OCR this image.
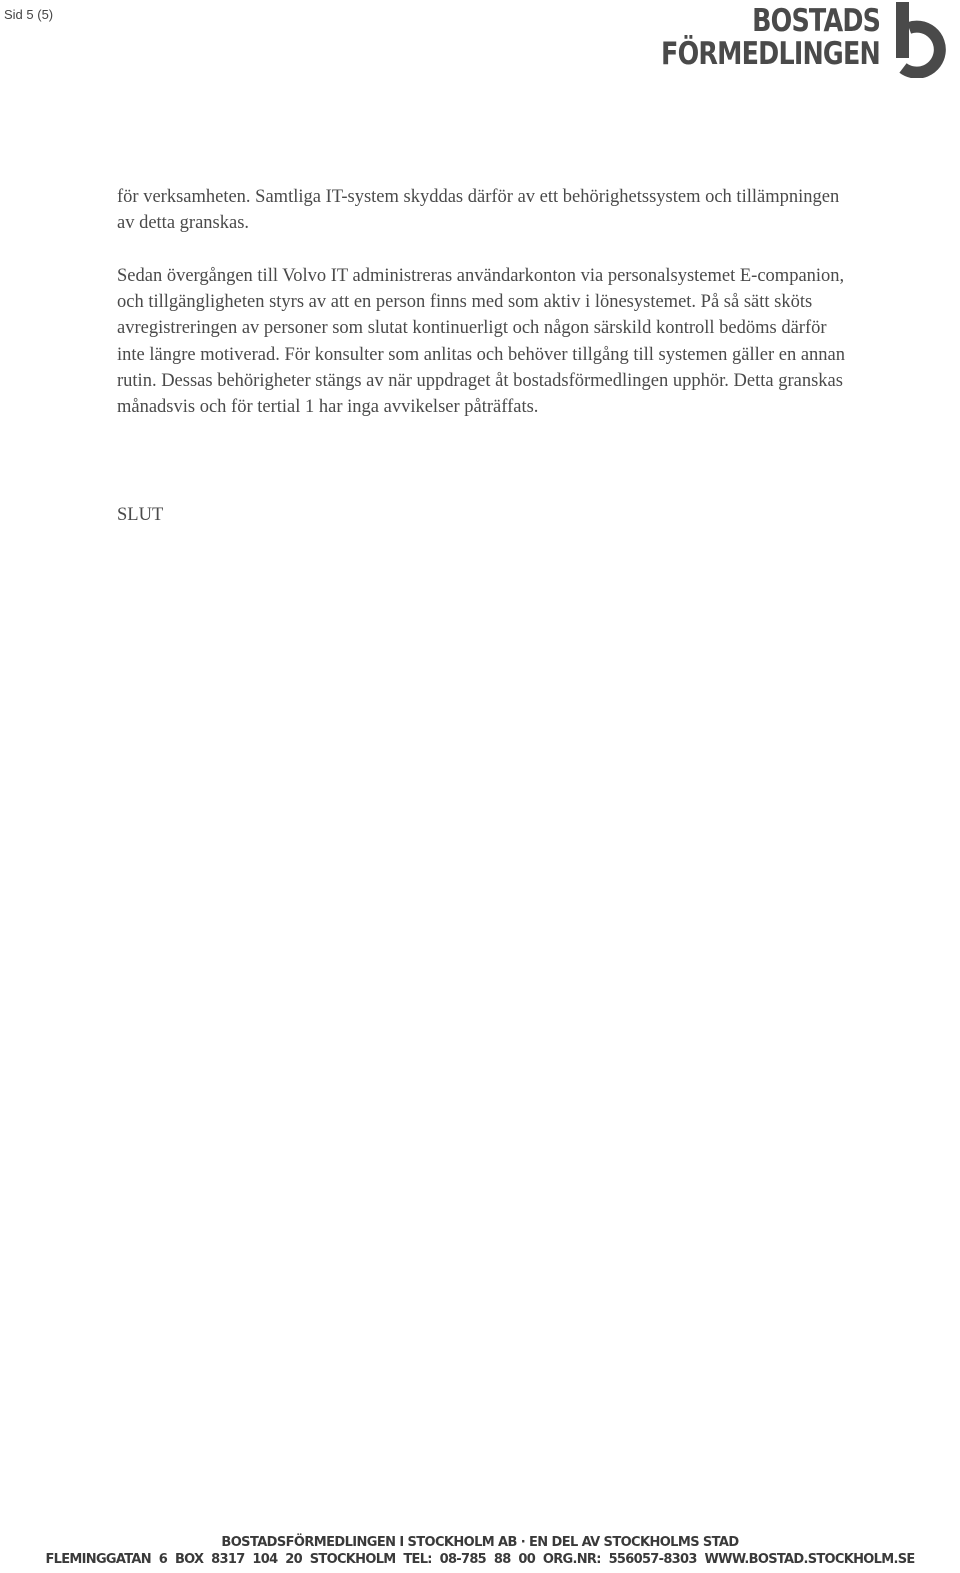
Sid 5 (5)	BOSTADS
FÖRMEDLINGEN

för verksamheten. Samtliga IT-system skyddas därför av ett behörighetssystem och tillämpningen av detta granskas.

Sedan övergången till Volvo IT administreras användarkonton via personalsystemet E-companion, och tillgängligheten styrs av att en person finns med som aktiv i lönesystemet. På så sätt sköts avregistreringen av personer som slutat kontinuerligt och någon särskild kontroll bedöms därför inte längre motiverad. För konsulter som anlitas och behöver tillgång till systemen gäller en annan rutin. Dessas behörigheter stängs av när uppdraget åt bostadsförmedlingen upphör. Detta granskas månadsvis och för tertial 1 har inga avvikelser påträffats.

SLUT
BOSTADSFÖRMEDLINGEN I STOCKHOLM AB · EN DEL AV STOCKHOLMS STAD
FLEMINGGATAN 6 BOX 8317 104 20 STOCKHOLM TEL: 08-785 88 00 ORG.NR: 556057-8303 WWW.BOSTAD.STOCKHOLM.SE
